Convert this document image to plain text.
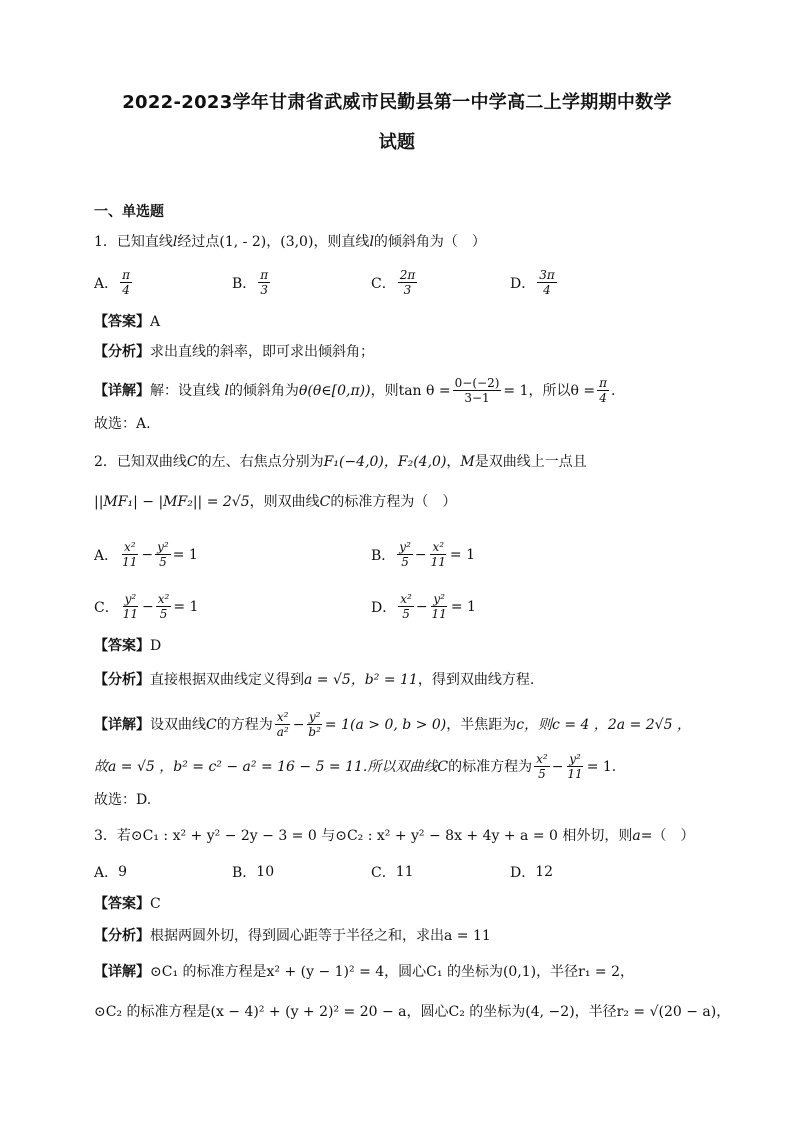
2022-2023学年甘肃省武威市民勤县第一中学高二上学期期中数学
试题
一、单选题
1．已知直线l经过点(1, - 2)，(3,0)，则直线l的倾斜角为（　）
A． $\frac{\pi}{4}$	B． $\frac{\pi}{3}$	C． $\frac{2\pi}{3}$	D． $\frac{3\pi}{4}$
【答案】A
【分析】求出直线的斜率，即可求出倾斜角；
【详解】 解：设直线
l 的倾斜角为 θ(θ∈[0,π)) ，则$\tan \theta = \frac{0-(-2)}{3-1} = 1$，所以$\theta = \frac{\pi}{4}$ .
故选：A.
2．已知双曲线C的左、右焦点分别为F₁(−4,0)，F₂(4,0)，M是双曲线上一点且
||MF₁| − |MF₂|| = 2√5，则双曲线C的标准方程为（　）
A． $\frac{\text{x²}}{11} - \frac{\text{y²}}{5} = 1$	B． $\frac{\text{y²}}{5} - \frac{\text{x²}}{11} = 1$
C． $\frac{\text{y²}}{11} - \frac{\text{x²}}{5} = 1$	D． $\frac{\text{x²}}{5} - \frac{\text{y²}}{11} = 1$
【答案】D
【分析】直接根据双曲线定义得到a = √5，b² = 11，得到双曲线方程.
【详解】 设双曲线 C 的方程为 $\frac{\text{x²}}{\text{a²}} - \frac{\text{y²}}{\text{b²}} = 1(a > 0$, b > 0) ，半焦距为 c ，则c = 4 ，2a = 2√5 ，
故a = √5 ，b² = c² − a² = 16 − 5 = 11.所以双曲线 C 的标准方程为 $\frac{\text{x²}}{5} - \frac{\text{y²}}{11} = 1$.
故选：D.
3．若⊙C₁ : x² + y² − 2y − 3 = 0 与⊙C₂ : x² + y² − 8x + 4y + a = 0 相外切，则a=（　）
A． 9	B． 10	C． 11	D． 12
【答案】C
【分析】根据两圆外切，得到圆心距等于半径之和，求出a = 11
【详解】⊙C₁ 的标准方程是x² + (y − 1)² = 4，圆心C₁ 的坐标为(0,1)，半径r₁ = 2，
⊙C₂ 的标准方程是(x − 4)² + (y + 2)² = 20 − a，圆心C₂ 的坐标为(4, −2)，半径r₂ = √(20 − a)，
